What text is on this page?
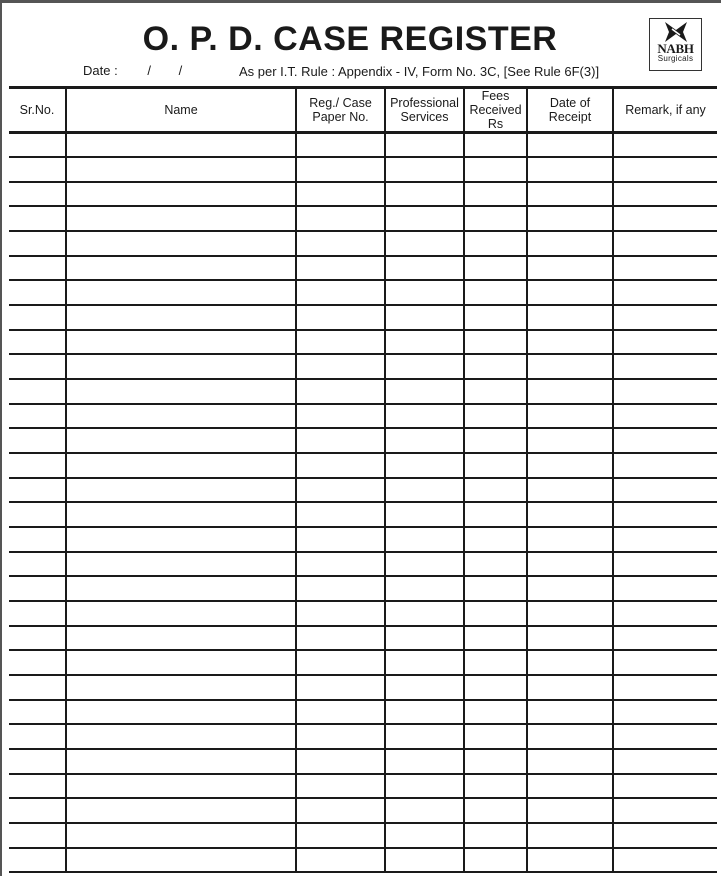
O. P. D. CASE REGISTER
Date : / /	As per I.T. Rule : Appendix - IV, Form No. 3C, [See Rule 6F(3)]
NABH
Surgicals
Sr.No.	Name	Reg./ Case Paper No.	Professional Services	Fees Received Rs	Date of Receipt	Remark, if any
